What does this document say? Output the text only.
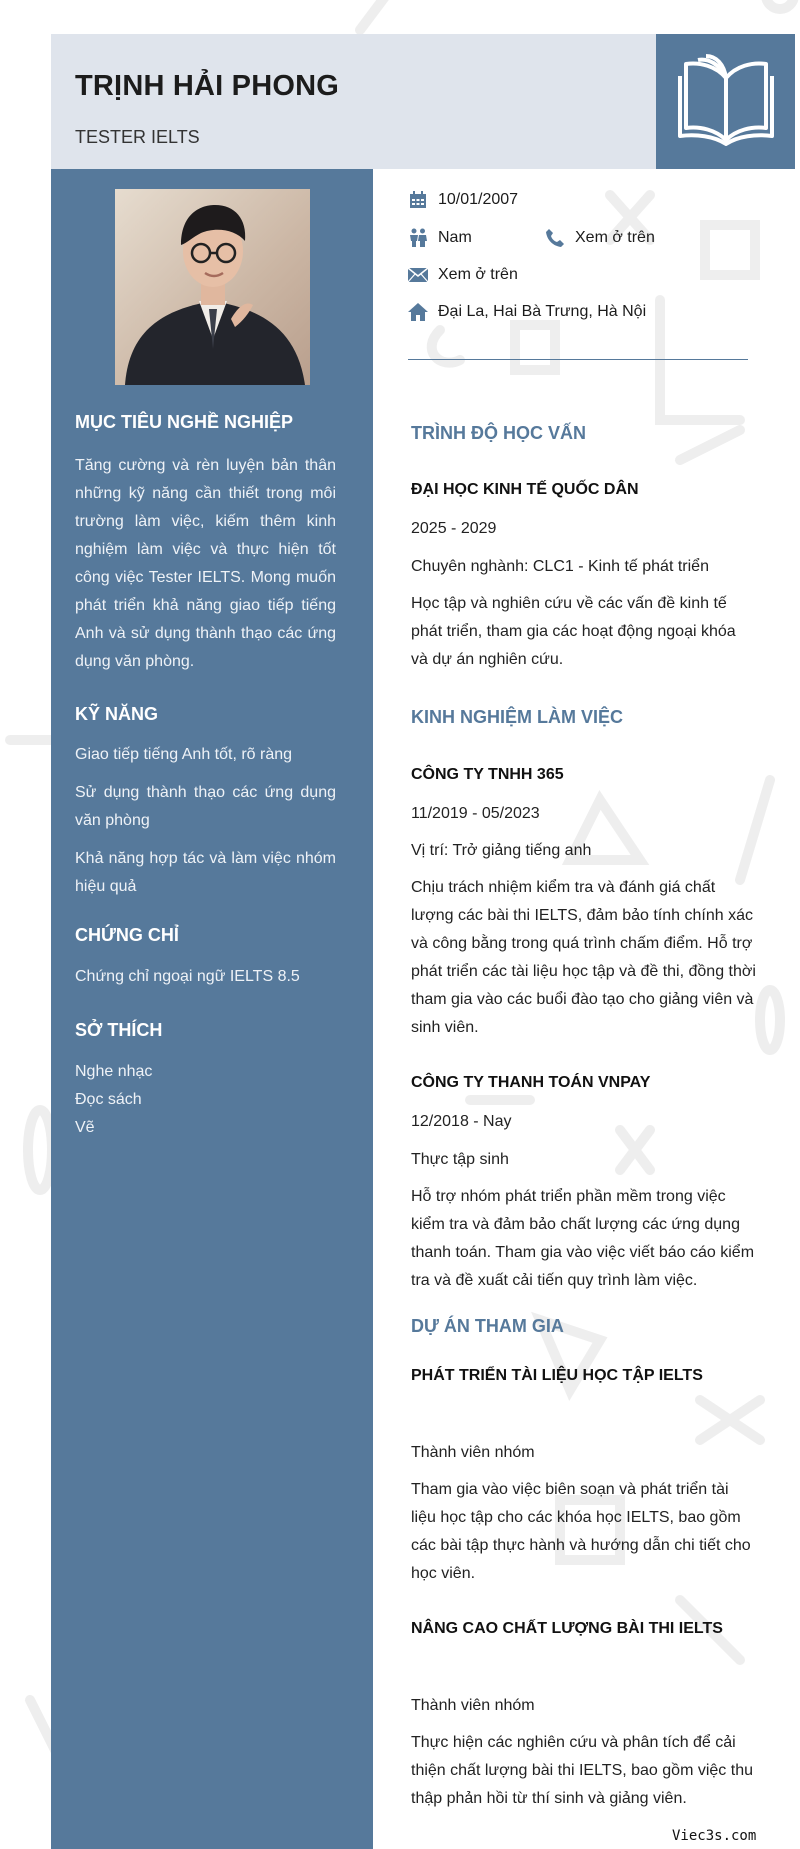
TRỊNH HẢI PHONG
TESTER IELTS
MỤC TIÊU NGHỀ NGHIỆP
Tăng cường và rèn luyện bản thân những kỹ năng cần thiết trong môi trường làm việc, kiếm thêm kinh nghiệm làm việc và thực hiện tốt công việc Tester IELTS. Mong muốn phát triển khả năng giao tiếp tiếng Anh và sử dụng thành thạo các ứng dụng văn phòng.
KỸ NĂNG
Giao tiếp tiếng Anh tốt, rõ ràng
Sử dụng thành thạo các ứng dụng văn phòng
Khả năng hợp tác và làm việc nhóm hiệu quả
CHỨNG CHỈ
Chứng chỉ ngoại ngữ IELTS 8.5
SỞ THÍCH
Nghe nhạc
Đọc sách
Vẽ
10/01/2007
Nam	Xem ở trên
Xem ở trên
Đại La, Hai Bà Trưng, Hà Nội
TRÌNH ĐỘ HỌC VẤN
ĐẠI HỌC KINH TẾ QUỐC DÂN
2025 - 2029
Chuyên nghành: CLC1 - Kinh tế phát triển
Học tập và nghiên cứu về các vấn đề kinh tế phát triển, tham gia các hoạt động ngoại khóa và dự án nghiên cứu.
KINH NGHIỆM LÀM VIỆC
CÔNG TY TNHH 365
11/2019 - 05/2023
Vị trí: Trở giảng tiếng anh
Chịu trách nhiệm kiểm tra và đánh giá chất lượng các bài thi IELTS, đảm bảo tính chính xác và công bằng trong quá trình chấm điểm. Hỗ trợ phát triển các tài liệu học tập và đề thi, đồng thời tham gia vào các buổi đào tạo cho giảng viên và sinh viên.
CÔNG TY THANH TOÁN VNPAY
12/2018 - Nay
Thực tập sinh
Hỗ trợ nhóm phát triển phần mềm trong việc kiểm tra và đảm bảo chất lượng các ứng dụng thanh toán. Tham gia vào việc viết báo cáo kiểm tra và đề xuất cải tiến quy trình làm việc.
DỰ ÁN THAM GIA
PHÁT TRIỂN TÀI LIỆU HỌC TẬP IELTS
Thành viên nhóm
Tham gia vào việc biên soạn và phát triển tài liệu học tập cho các khóa học IELTS, bao gồm các bài tập thực hành và hướng dẫn chi tiết cho học viên.
NÂNG CAO CHẤT LƯỢNG BÀI THI IELTS
Thành viên nhóm
Thực hiện các nghiên cứu và phân tích để cải thiện chất lượng bài thi IELTS, bao gồm việc thu thập phản hồi từ thí sinh và giảng viên.
Viec3s.com
